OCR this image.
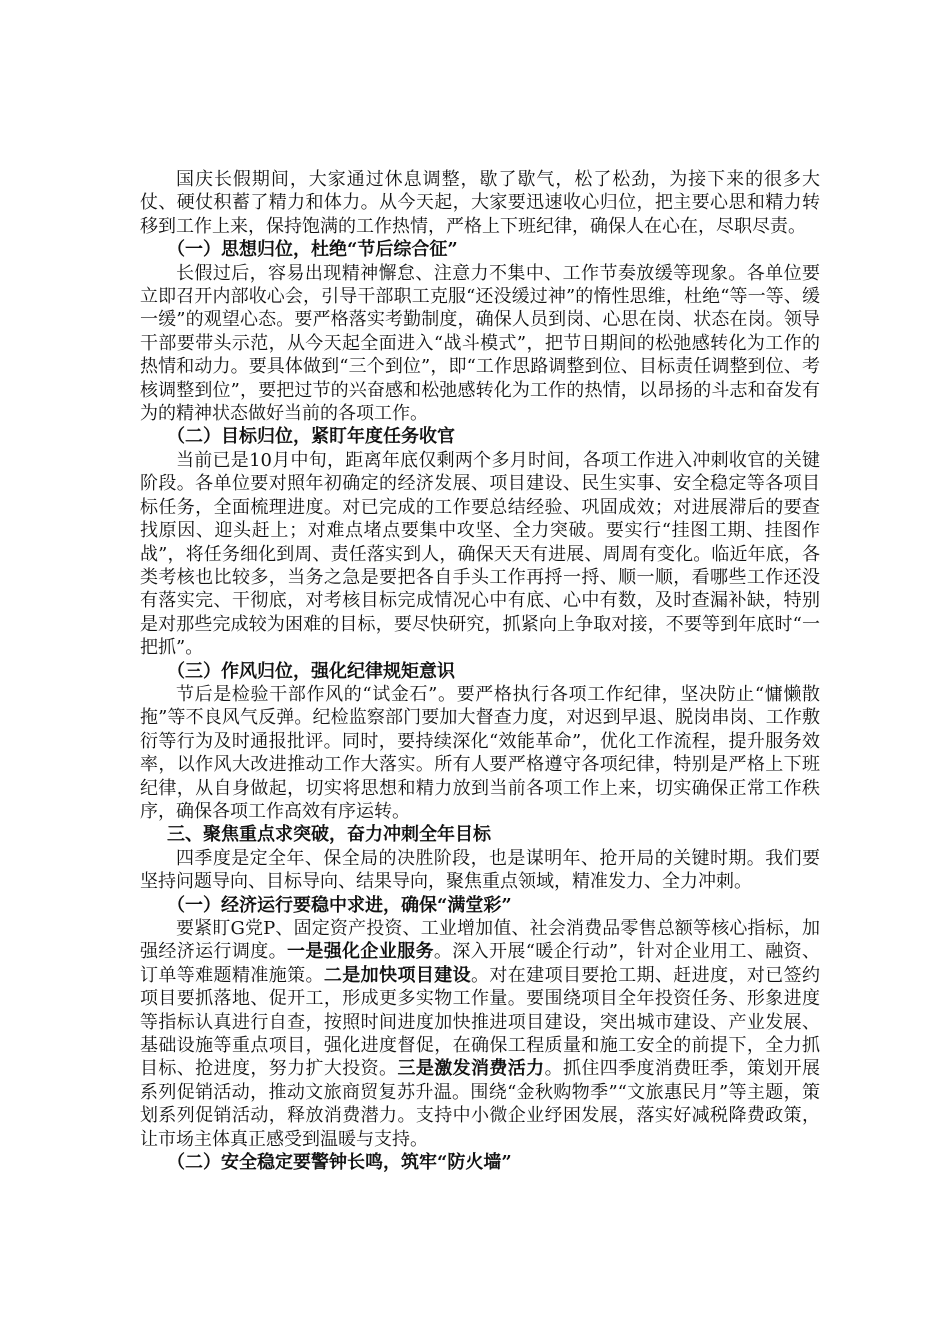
国庆长假期间，大家通过休息调整，歇了歇气，松了松劲，为接下来的很多大仗、硬仗积蓄了精力和体力。从今天起，大家要迅速收心归位，把主要心思和精力转移到工作上来，保持饱满的工作热情，严格上下班纪律，确保人在心在，尽职尽责。

（一）思想归位，杜绝“节后综合征”

长假过后，容易出现精神懈怠、注意力不集中、工作节奏放缓等现象。各单位要立即召开内部收心会，引导干部职工克服“还没缓过神”的惰性思维，杜绝“等一等、缓一缓”的观望心态。要严格落实考勤制度，确保人员到岗、心思在岗、状态在岗。领导干部要带头示范，从今天起全面进入“战斗模式”，把节日期间的松弛感转化为工作的热情和动力。要具体做到“三个到位”，即“工作思路调整到位、目标责任调整到位、考核调整到位”，要把过节的兴奋感和松弛感转化为工作的热情，以昂扬的斗志和奋发有为的精神状态做好当前的各项工作。

（二）目标归位，紧盯年度任务收官

当前已是10月中旬，距离年底仅剩两个多月时间，各项工作进入冲刺收官的关键阶段。各单位要对照年初确定的经济发展、项目建设、民生实事、安全稳定等各项目标任务，全面梳理进度。对已完成的工作要总结经验、巩固成效；对进展滞后的要查找原因、迎头赶上；对难点堵点要集中攻坚、全力突破。要实行“挂图工期、挂图作战”，将任务细化到周、责任落实到人，确保天天有进展、周周有变化。临近年底，各类考核也比较多，当务之急是要把各自手头工作再捋一捋、顺一顺，看哪些工作还没有落实完、干彻底，对考核目标完成情况心中有底、心中有数，及时查漏补缺，特别是对那些完成较为困难的目标，要尽快研究，抓紧向上争取对接，不要等到年底时“一把抓”。

（三）作风归位，强化纪律规矩意识

节后是检验干部作风的“试金石”。要严格执行各项工作纪律，坚决防止“慵懒散拖”等不良风气反弹。纪检监察部门要加大督查力度，对迟到早退、脱岗串岗、工作敷衍等行为及时通报批评。同时，要持续深化“效能革命”，优化工作流程，提升服务效率，以作风大改进推动工作大落实。所有人要严格遵守各项纪律，特别是严格上下班纪律，从自身做起，切实将思想和精力放到当前各项工作上来，切实确保正常工作秩序，确保各项工作高效有序运转。

三、聚焦重点求突破，奋力冲刺全年目标

四季度是定全年、保全局的决胜阶段，也是谋明年、抢开局的关键时期。我们要坚持问题导向、目标导向、结果导向，聚焦重点领域，精准发力、全力冲刺。

（一）经济运行要稳中求进，确保“满堂彩”

要紧盯G党P、固定资产投资、工业增加值、社会消费品零售总额等核心指标，加强经济运行调度。一是强化企业服务。深入开展“暖企行动”，针对企业用工、融资、订单等难题精准施策。二是加快项目建设。对在建项目要抢工期、赶进度，对已签约项目要抓落地、促开工，形成更多实物工作量。要围绕项目全年投资任务、形象进度等指标认真进行自查，按照时间进度加快推进项目建设，突出城市建设、产业发展、基础设施等重点项目，强化进度督促，在确保工程质量和施工安全的前提下，全力抓目标、抢进度，努力扩大投资。三是激发消费活力。抓住四季度消费旺季，策划开展系列促销活动，推动文旅商贸复苏升温。围绕“金秋购物季”“文旅惠民月”等主题，策划系列促销活动，释放消费潜力。支持中小微企业纾困发展，落实好减税降费政策，让市场主体真正感受到温暖与支持。

（二）安全稳定要警钟长鸣，筑牢“防火墙”
